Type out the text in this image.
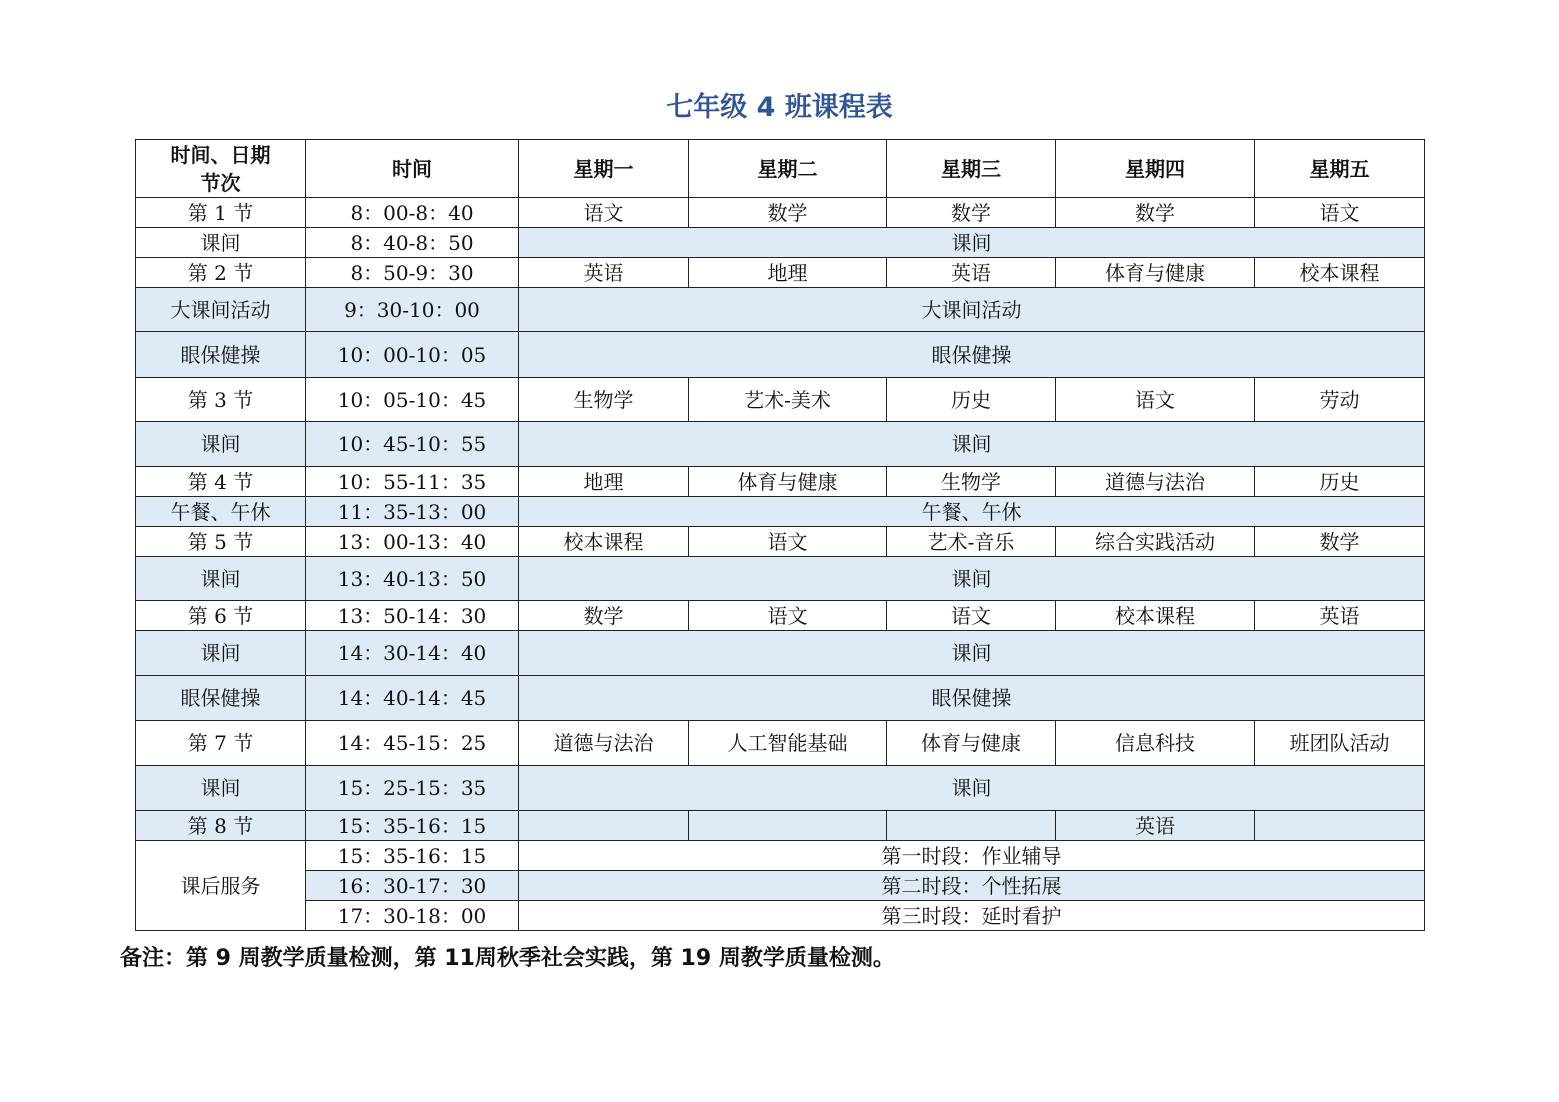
七年级 4 班课程表
时间、日期
节次	时间	星期一	星期二	星期三	星期四	星期五
第 1 节	8：00-8：40	语文	数学	数学	数学	语文
课间	8：40-8：50	课间				
第 2 节	8：50-9：30	英语	地理	英语	体育与健康	校本课程
大课间活动	9：30-10：00	大课间活动				
眼保健操	10：00-10：05	眼保健操				
第 3 节	10：05-10：45	生物学	艺术-美术	历史	语文	劳动
课间	10：45-10：55	课间				
第 4 节	10：55-11：35	地理	体育与健康	生物学	道德与法治	历史
午餐、午休	11：35-13：00	午餐、午休				
第 5 节	13：00-13：40	校本课程	语文	艺术-音乐	综合实践活动	数学
课间	13：40-13：50	课间				
第 6 节	13：50-14：30	数学	语文	语文	校本课程	英语
课间	14：30-14：40	课间				
眼保健操	14：40-14：45	眼保健操				
第 7 节	14：45-15：25	道德与法治	人工智能基础	体育与健康	信息科技	班团队活动
课间	15：25-15：35	课间				
第 8 节	15：35-16：15				英语	
课后服务	15：35-16：15	第一时段：作业辅导				
	16：30-17：30	第二时段：个性拓展				
	17：30-18：00	第三时段：延时看护				
备注：第 9 周教学质量检测，第 11周秋季社会实践，第 19 周教学质量检测。
